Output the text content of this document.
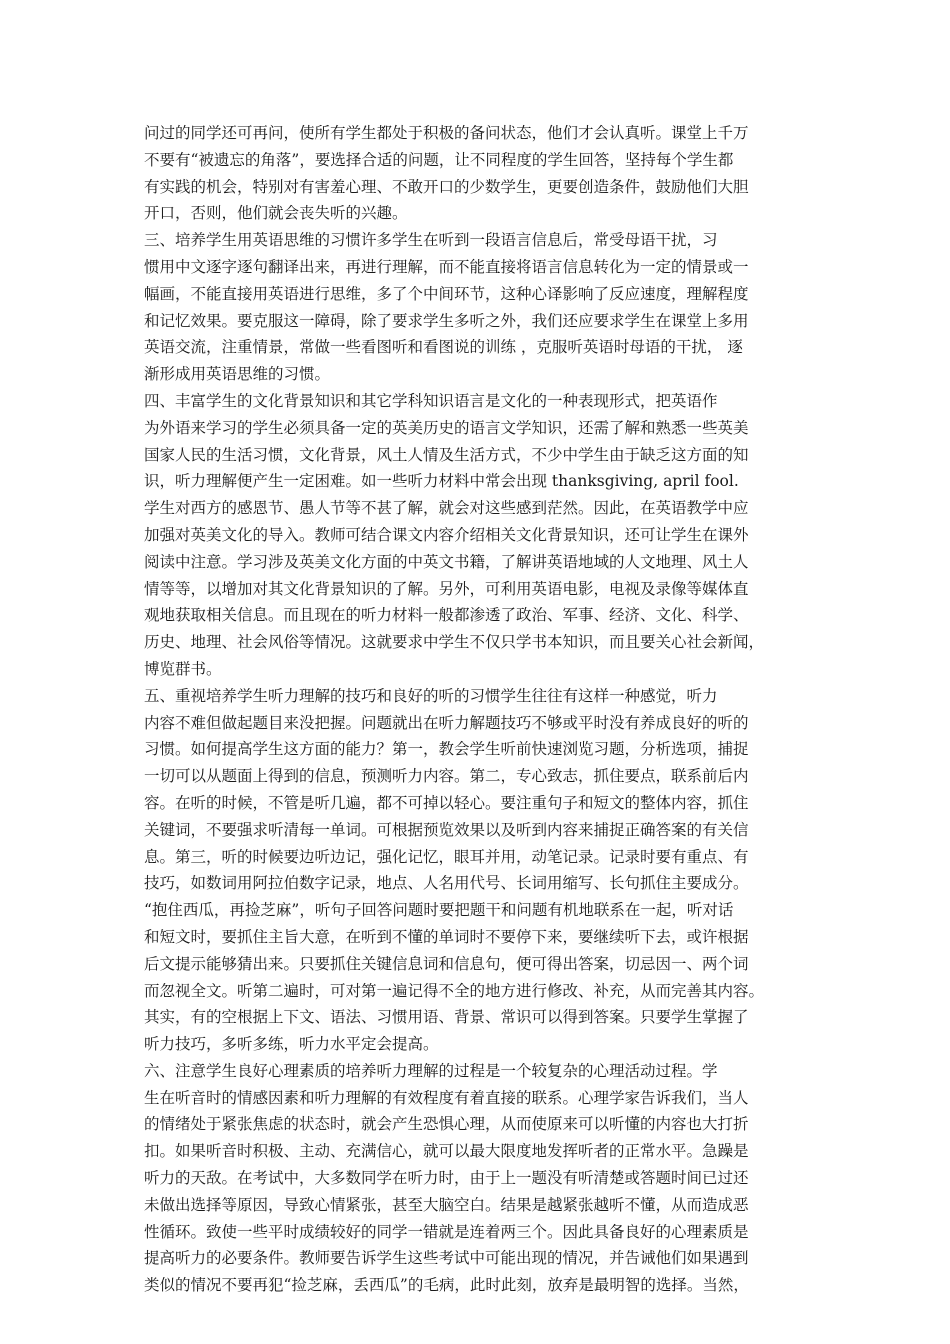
问过的同学还可再问，使所有学生都处于积极的备问状态，他们才会认真听。课堂上千万
不要有“被遗忘的角落”，要选择合适的问题，让不同程度的学生回答，坚持每个学生都
有实践的机会，特别对有害羞心理、不敢开口的少数学生，更要创造条件，鼓励他们大胆
开口，否则，他们就会丧失听的兴趣。

三、培养学生用英语思维的习惯许多学生在听到一段语言信息后，常受母语干扰，习
惯用中文逐字逐句翻译出来，再进行理解，而不能直接将语言信息转化为一定的情景或一
幅画，不能直接用英语进行思维，多了个中间环节，这种心译影响了反应速度，理解程度
和记忆效果。要克服这一障碍，除了要求学生多听之外，我们还应要求学生在课堂上多用
英语交流，注重情景，常做一些看图听和看图说的训练 ，克服听英语时母语的干扰， 逐
渐形成用英语思维的习惯。

四、丰富学生的文化背景知识和其它学科知识语言是文化的一种表现形式，把英语作
为外语来学习的学生必须具备一定的英美历史的语言文学知识，还需了解和熟悉一些英美
国家人民的生活习惯，文化背景，风土人情及生活方式，不少中学生由于缺乏这方面的知
识，听力理解便产生一定困难。如一些听力材料中常会出现 thanksgiving, april fool.
学生对西方的感恩节、愚人节等不甚了解，就会对这些感到茫然。因此，在英语教学中应
加强对英美文化的导入。教师可结合课文内容介绍相关文化背景知识，还可让学生在课外
阅读中注意。学习涉及英美文化方面的中英文书籍，了解讲英语地域的人文地理、风土人
情等等，以增加对其文化背景知识的了解。另外，可利用英语电影，电视及录像等媒体直
观地获取相关信息。而且现在的听力材料一般都渗透了政治、军事、经济、文化、科学、
历史、地理、社会风俗等情况。这就要求中学生不仅只学书本知识，而且要关心社会新闻，
博览群书。

五、重视培养学生听力理解的技巧和良好的听的习惯学生往往有这样一种感觉，听力
内容不难但做起题目来没把握。问题就出在听力解题技巧不够或平时没有养成良好的听的
习惯。如何提高学生这方面的能力？第一，教会学生听前快速浏览习题，分析选项，捕捉
一切可以从题面上得到的信息，预测听力内容。第二，专心致志，抓住要点，联系前后内
容。在听的时候，不管是听几遍，都不可掉以轻心。要注重句子和短文的整体内容，抓住
关键词，不要强求听清每一单词。可根据预览效果以及听到内容来捕捉正确答案的有关信
息。第三，听的时候要边听边记，强化记忆，眼耳并用，动笔记录。记录时要有重点、有
技巧，如数词用阿拉伯数字记录，地点、人名用代号、长词用缩写、长句抓住主要成分。
“抱住西瓜，再捡芝麻”，听句子回答问题时要把题干和问题有机地联系在一起，听对话
和短文时，要抓住主旨大意，在听到不懂的单词时不要停下来，要继续听下去，或许根据
后文提示能够猜出来。只要抓住关键信息词和信息句，便可得出答案，切忌因一、两个词
而忽视全文。听第二遍时，可对第一遍记得不全的地方进行修改、补充，从而完善其内容。
其实，有的空根据上下文、语法、习惯用语、背景、常识可以得到答案。只要学生掌握了
听力技巧，多听多练，听力水平定会提高。

六、注意学生良好心理素质的培养听力理解的过程是一个较复杂的心理活动过程。学
生在听音时的情感因素和听力理解的有效程度有着直接的联系。心理学家告诉我们，当人
的情绪处于紧张焦虑的状态时，就会产生恐惧心理，从而使原来可以听懂的内容也大打折
扣。如果听音时积极、主动、充满信心，就可以最大限度地发挥听者的正常水平。急躁是
听力的天敌。在考试中，大多数同学在听力时，由于上一题没有听清楚或答题时间已过还
未做出选择等原因，导致心情紧张，甚至大脑空白。结果是越紧张越听不懂，从而造成恶
性循环。致使一些平时成绩较好的同学一错就是连着两三个。因此具备良好的心理素质是
提高听力的必要条件。教师要告诉学生这些考试中可能出现的情况，并告诫他们如果遇到
类似的情况不要再犯“捡芝麻，丢西瓜”的毛病，此时此刻，放弃是最明智的选择。当然，
